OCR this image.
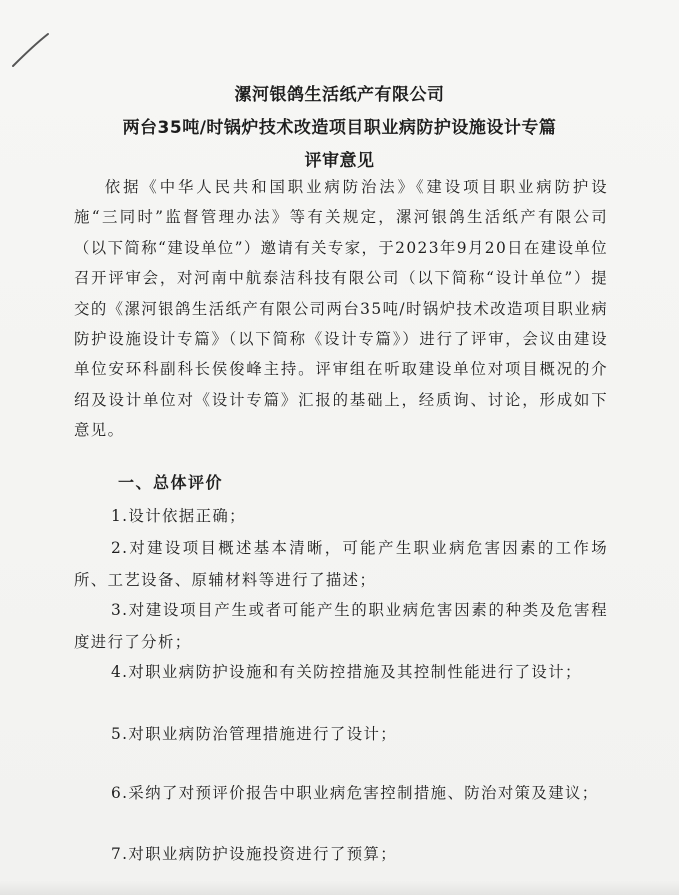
漯河银鸽生活纸产有限公司
两台35吨/时锅炉技术改造项目职业病防护设施设计专篇
评审意见

依据《中华人民共和国职业病防治法》《建设项目职业病防护设施“三同时”监督管理办法》等有关规定，漯河银鸽生活纸产有限公司（以下简称“建设单位”）邀请有关专家，于2023年9月20日在建设单位召开评审会，对河南中航泰洁科技有限公司（以下简称“设计单位”）提交的《漯河银鸽生活纸产有限公司两台35吨/时锅炉技术改造项目职业病防护设施设计专篇》（以下简称《设计专篇》）进行了评审，会议由建设单位安环科副科长侯俊峰主持。评审组在听取建设单位对项目概况的介绍及设计单位对《设计专篇》汇报的基础上，经质询、讨论，形成如下意见。

一、总体评价

1.设计依据正确；

2.对建设项目概述基本清晰，可能产生职业病危害因素的工作场所、工艺设备、原辅材料等进行了描述；

3.对建设项目产生或者可能产生的职业病危害因素的种类及危害程度进行了分析；

4.对职业病防护设施和有关防控措施及其控制性能进行了设计；

5.对职业病防治管理措施进行了设计；

6.采纳了对预评价报告中职业病危害控制措施、防治对策及建议；

7.对职业病防护设施投资进行了预算；
